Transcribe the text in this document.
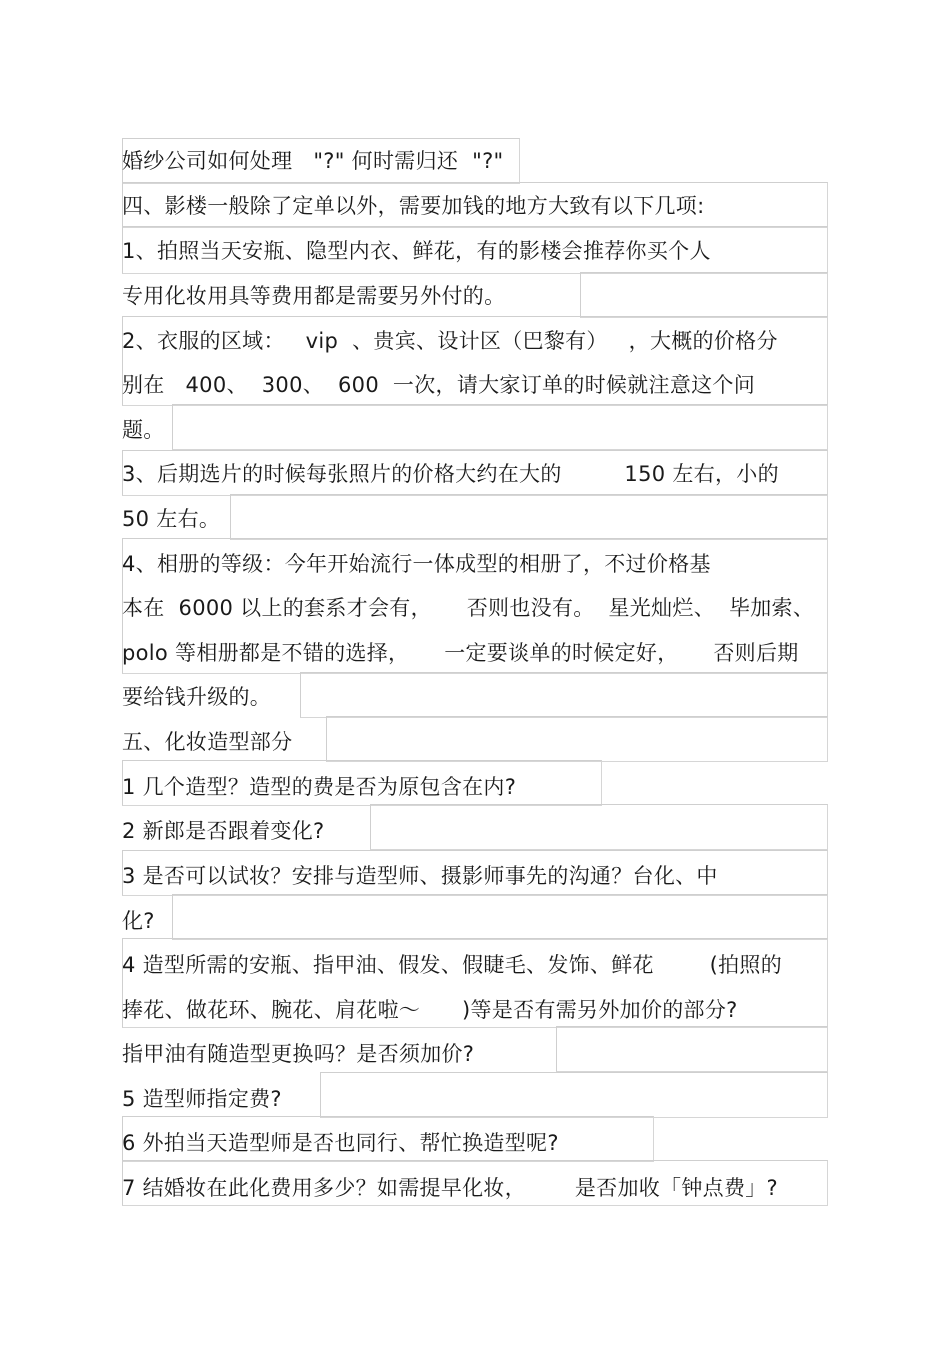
婚纱公司如何处理   "?" 何时需归还  "?"
四、影楼一般除了定单以外，需要加钱的地方大致有以下几项:
1、拍照当天安瓶、隐型内衣、鲜花，有的影楼会推荐你买个人
专用化妆用具等费用都是需要另外付的。
2、衣服的区域：   vip  、贵宾、设计区（巴黎有）   ，大概的价格分
别在   400、  300、  600  一次，请大家订单的时候就注意这个问
题。
3、后期选片的时候每张照片的价格大约在大的         150 左右，小的
50 左右。
4、相册的等级：今年开始流行一体成型的相册了，不过价格基
本在  6000 以上的套系才会有，     否则也没有。  星光灿烂、  毕加索、
polo 等相册都是不错的选择，     一定要谈单的时候定好，     否则后期
要给钱升级的。
五、化妆造型部分
1 几个造型？造型的费是否为原包含在内?
2 新郎是否跟着变化?
3 是否可以试妆？安排与造型师、摄影师事先的沟通？台化、中
化?
4 造型所需的安瓶、指甲油、假发、假睫毛、发饰、鲜花        (拍照的
捧花、做花环、腕花、肩花啦～      )等是否有需另外加价的部分?
指甲油有随造型更换吗？是否须加价?
5 造型师指定费?
6 外拍当天造型师是否也同行、帮忙换造型呢?
7 结婚妆在此化费用多少？如需提早化妆，       是否加收「钟点费」?
